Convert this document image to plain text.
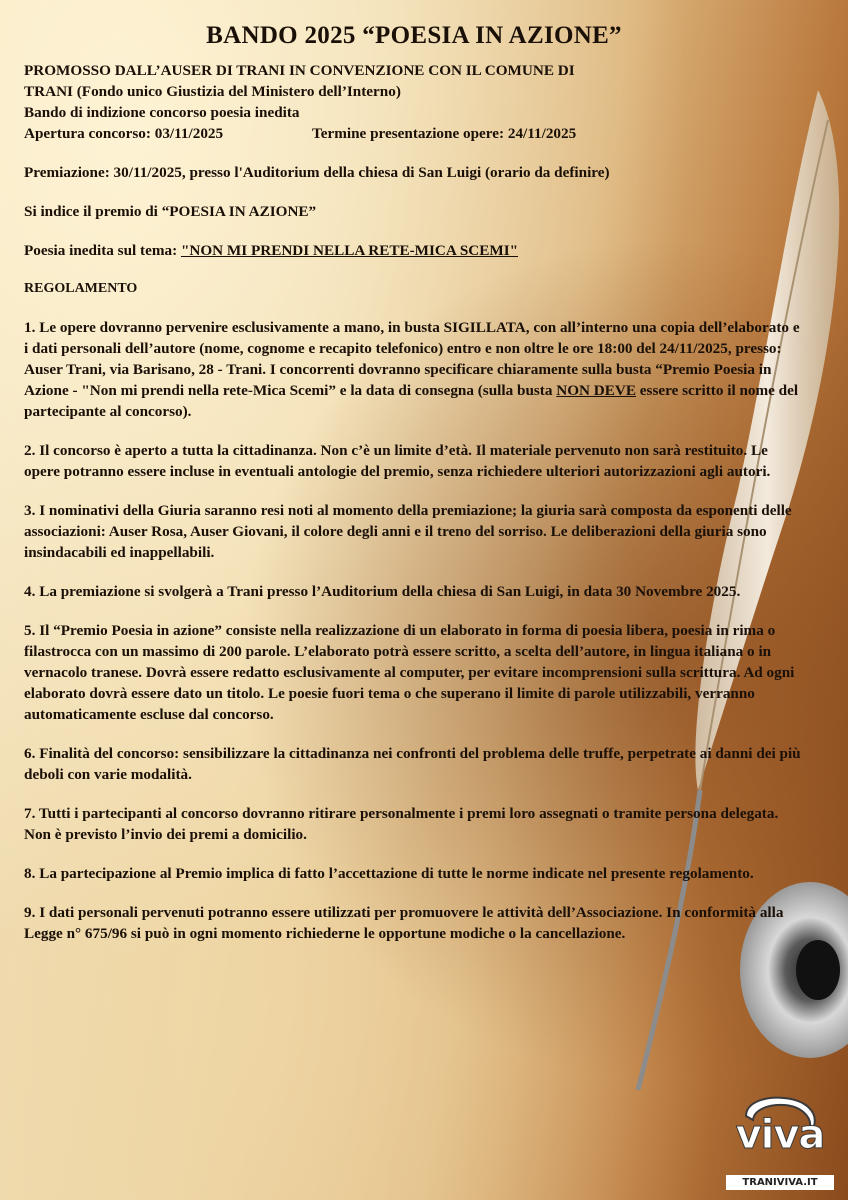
BANDO 2025 “POESIA IN AZIONE”

PROMOSSO DALL’AUSER DI TRANI IN CONVENZIONE CON IL COMUNE DI

TRANI (Fondo unico Giustizia del Ministero dell’Interno)

Bando di indizione concorso poesia inedita

Apertura concorso: 03/11/2025	Termine presentazione opere: 24/11/2025

Premiazione: 30/11/2025, presso l'Auditorium della chiesa di San Luigi (orario da definire)

Si indice il premio di “POESIA IN AZIONE”

Poesia inedita sul tema: "NON MI PRENDI NELLA RETE-MICA SCEMI"

REGOLAMENTO

1. Le opere dovranno pervenire esclusivamente a mano, in busta SIGILLATA, con all’interno una copia dell’elaborato e i dati personali dell’autore (nome, cognome e recapito telefonico) entro e non oltre le ore 18:00 del 24/11/2025, presso: Auser Trani, via Barisano, 28 - Trani. I concorrenti dovranno specificare chiaramente sulla busta “Premio Poesia in Azione - "Non mi prendi nella rete-Mica Scemi” e la data di consegna (sulla busta NON DEVE essere scritto il nome del partecipante al concorso).

2. Il concorso è aperto a tutta la cittadinanza. Non c’è un limite d’età. Il materiale pervenuto non sarà restituito. Le opere potranno essere incluse in eventuali antologie del premio, senza richiedere ulteriori autorizzazioni agli autori.

3. I nominativi della Giuria saranno resi noti al momento della premiazione; la giuria sarà composta da esponenti delle associazioni: Auser Rosa, Auser Giovani, il colore degli anni e il treno del sorriso. Le deliberazioni della giuria sono insindacabili ed inappellabili.

4. La premiazione si svolgerà a Trani presso l’Auditorium della chiesa di San Luigi, in data 30 Novembre 2025.

5. Il “Premio Poesia in azione” consiste nella realizzazione di un elaborato in forma di poesia libera, poesia in rima o filastrocca con un massimo di 200 parole. L’elaborato potrà essere scritto, a scelta dell’autore, in lingua italiana o in vernacolo tranese. Dovrà essere redatto esclusivamente al computer, per evitare incomprensioni sulla scrittura. Ad ogni elaborato dovrà essere dato un titolo. Le poesie fuori tema o che superano il limite di parole utilizzabili, verranno automaticamente escluse dal concorso.

6. Finalità del concorso: sensibilizzare la cittadinanza nei confronti del problema delle truffe, perpetrate ai danni dei più deboli con varie modalità.

7. Tutti i partecipanti al concorso dovranno ritirare personalmente i premi loro assegnati o tramite persona delegata. Non è previsto l’invio dei premi a domicilio.

8. La partecipazione al Premio implica di fatto l’accettazione di tutte le norme indicate nel presente regolamento.

9. I dati personali pervenuti potranno essere utilizzati per promuovere le attività dell’Associazione. In conformità alla Legge n° 675/96 si può in ogni momento richiederne le opportune modiche o la cancellazione.

viva
TRANIVIVA.IT
